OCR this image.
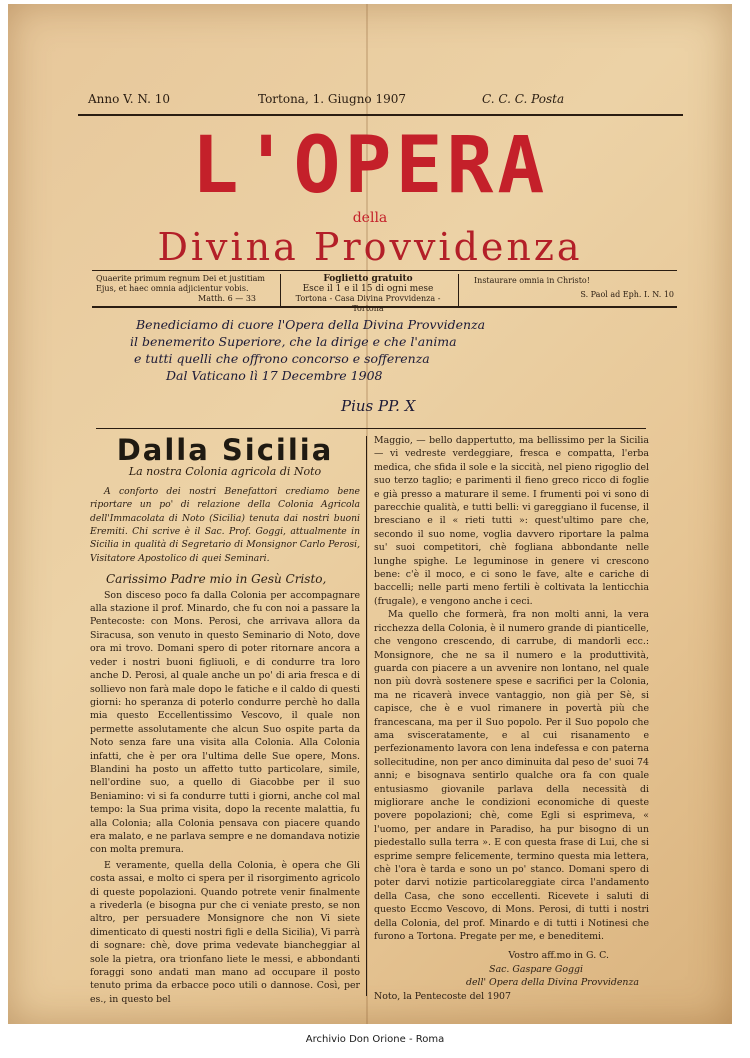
Anno V. N. 10	Tortona, 1. Giugno 1907	C. C. C. Posta
L'OPERA
della
Divina Provvidenza
Quaerite primum regnum Dei et justitiam
Ejus, et haec omnia adjicientur vobis.
Matth. 6 — 33
Foglietto gratuito
Esce il 1 e il 15 di ogni mese
Tortona - Casa Divina Provvidenza - Tortona
Instaurare omnia in Christo!
S. Paol ad Eph. I. N. 10
Benediciamo di cuore l'Opera della Divina Provvidenza
il benemerito Superiore, che la dirige e che l'anima
e tutti quelli che offrono concorso e sofferenza
Dal Vaticano lì 17 Decembre 1908
Pius PP. X
Dalla Sicilia
La nostra Colonia agricola di Noto

A conforto dei nostri Benefattori crediamo bene riportare un po' di relazione della Colonia Agricola dell'Immacolata di Noto (Sicilia) tenuta dai nostri buoni Eremiti. Chi scrive è il Sac. Prof. Goggi, attualmente in Sicilia in qualità di Segretario di Monsignor Carlo Perosi, Visitatore Apostolico di quei Seminari.

Carissimo Padre mio in Gesù Cristo,

Son disceso poco fa dalla Colonia per accompagnare alla stazione il prof. Minardo, che fu con noi a passare la Pentecoste: con Mons. Perosi, che arrivava allora da Siracusa, son venuto in questo Seminario di Noto, dove ora mi trovo. Domani spero di poter ritornare ancora a veder i nostri buoni figliuoli, e di condurre tra loro anche D. Perosi, al quale anche un po' di aria fresca e di sollievo non farà male dopo le fatiche e il caldo di questi giorni: ho speranza di poterlo condurre perchè ho dalla mia questo Eccellentissimo Vescovo, il quale non permette assolutamente che alcun Suo ospite parta da Noto senza fare una visita alla Colonia. Alla Colonia infatti, che è per ora l'ultima delle Sue opere, Mons. Blandini ha posto un affetto tutto particolare, simile, nell'ordine suo, a quello di Giacobbe per il suo Beniamino: vi si fa condurre tutti i giorni, anche col mal tempo: la Sua prima visita, dopo la recente malattia, fu alla Colonia; alla Colonia pensava con piacere quando era malato, e ne parlava sempre e ne domandava notizie con molta premura.

E veramente, quella della Colonia, è opera che Gli costa assai, e molto ci spera per il risorgimento agricolo di queste popolazioni. Quando potrete venir finalmente a rivederla (e bisogna pur che ci veniate presto, se non altro, per persuadere Monsignore che non Vi siete dimenticato di questi nostri figli e della Sicilia), Vi parrà di sognare: chè, dove prima vedevate biancheggiar al sole la pietra, ora trionfano liete le messi, e abbondanti foraggi sono andati man mano ad occupare il posto tenuto prima da erbacce poco utili o dannose. Così, per es., in questo bel

Maggio, — bello dappertutto, ma bellissimo per la Sicilia — vi vedreste verdeggiare, fresca e compatta, l'erba medica, che sfida il sole e la siccità, nel pieno rigoglio del suo terzo taglio; e parimenti il fieno greco ricco di foglie e già presso a maturare il seme. I frumenti poi vi sono di parecchie qualità, e tutti belli: vi gareggiano il fucense, il bresciano e il « rieti tutti »: quest'ultimo pare che, secondo il suo nome, voglia davvero riportare la palma su' suoi competitori, chè fogliana abbondante nelle lunghe spighe. Le leguminose in genere vi crescono bene: c'è il moco, e ci sono le fave, alte e cariche di baccelli; nelle parti meno fertili è coltivata la lenticchia (frugale), e vengono anche i ceci.

Ma quello che formerà, fra non molti anni, la vera ricchezza della Colonia, è il numero grande di pianticelle, che vengono crescendo, di carrube, di mandorli ecc.: Monsignore, che ne sa il numero e la produttività, guarda con piacere a un avvenire non lontano, nel quale non più dovrà sostenere spese e sacrifici per la Colonia, ma ne ricaverà invece vantaggio, non già per Sè, si capisce, che è e vuol rimanere in povertà più che francescana, ma per il Suo popolo. Per il Suo popolo che ama svisceratamente, e al cui risanamento e perfezionamento lavora con lena indefessa e con paterna sollecitudine, non per anco diminuita dal peso de' suoi 74 anni; e bisognava sentirlo qualche ora fa con quale entusiasmo giovanile parlava della necessità di migliorare anche le condizioni economiche di queste povere popolazioni; chè, come Egli si esprimeva, « l'uomo, per andare in Paradiso, ha pur bisogno di un piedestallo sulla terra ». E con questa frase di Lui, che si esprime sempre felicemente, termino questa mia lettera, chè l'ora è tarda e sono un po' stanco. Domani spero di poter darvi notizie particolareggiate circa l'andamento della Casa, che sono eccellenti. Ricevete i saluti di questo Eccmo Vescovo, di Mons. Perosi, di tutti i nostri della Colonia, del prof. Minardo e di tutti i Notinesi che furono a Tortona. Pregate per me, e beneditemi.

Vostro aff.mo in G. C.
Sac. Gaspare Goggi
dell' Opera della Divina Provvidenza

Noto, la Pentecoste del 1907

Archivio Don Orione - Roma
